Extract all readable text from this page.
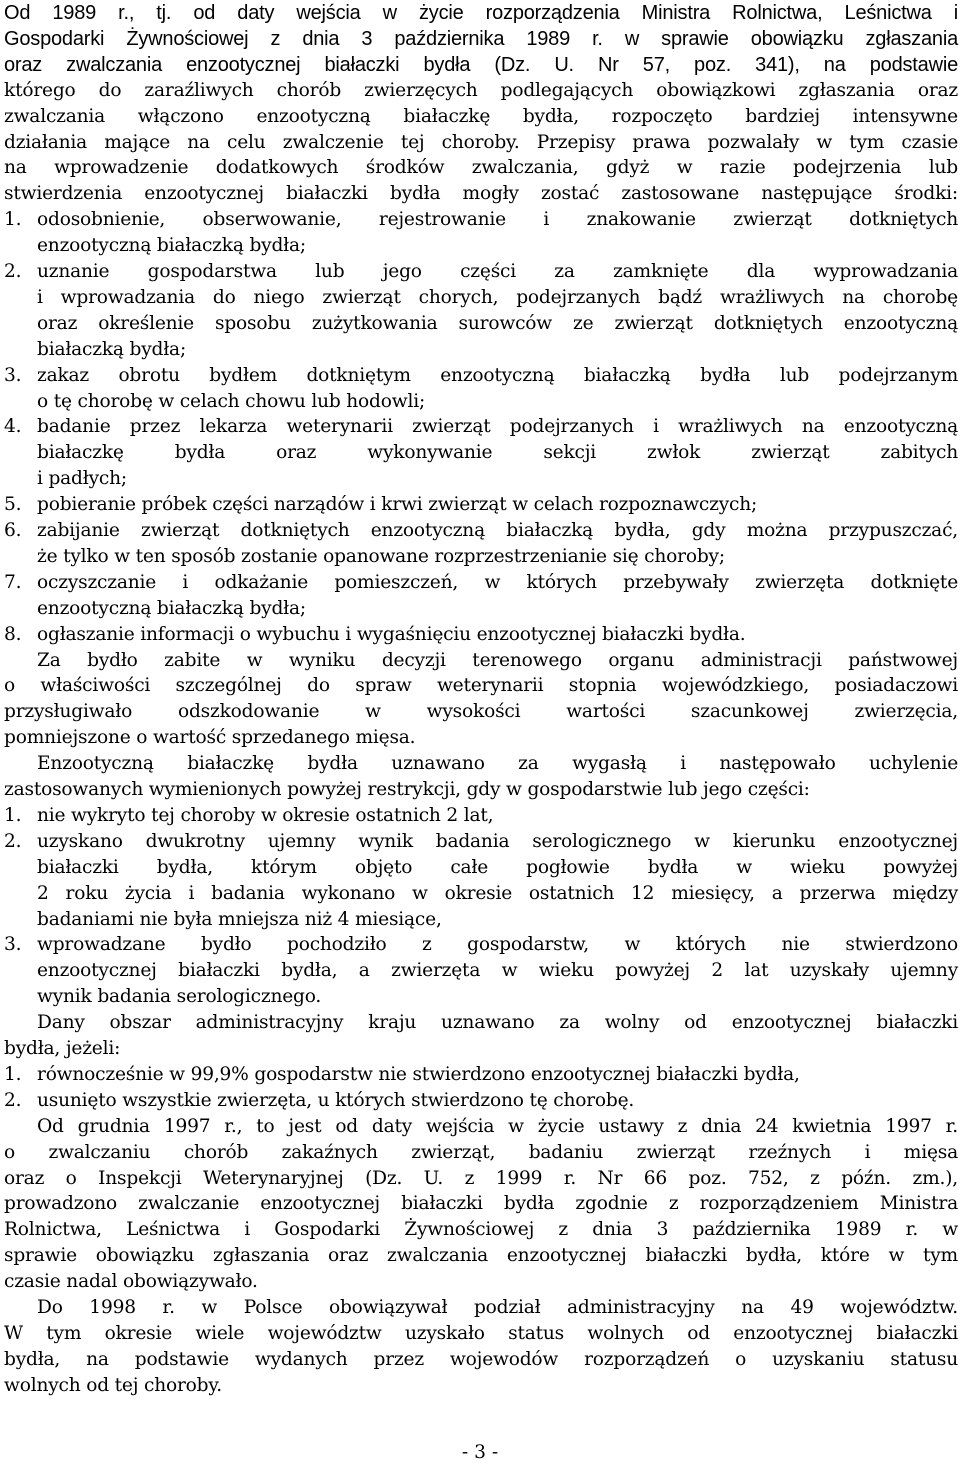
Od 1989 r., tj. od daty wejścia w życie rozporządzenia Ministra Rolnictwa, Leśnictwa i
Gospodarki Żywnościowej z dnia 3 października 1989 r. w sprawie obowiązku zgłaszania
oraz zwalczania enzootycznej białaczki bydła (Dz. U. Nr 57, poz. 341), na podstawie
którego do zaraźliwych chorób zwierzęcych podlegających obowiązkowi zgłaszania oraz
zwalczania włączono enzootyczną białaczkę bydła, rozpoczęto bardziej intensywne
działania mające na celu zwalczenie tej choroby. Przepisy prawa pozwalały w tym czasie
na wprowadzenie dodatkowych środków zwalczania, gdyż w razie podejrzenia lub
stwierdzenia enzootycznej białaczki bydła mogły zostać zastosowane następujące środki:
odosobnienie, obserwowanie, rejestrowanie i znakowanie zwierząt dotkniętych
1.
enzootyczną białaczką bydła;
uznanie gospodarstwa lub jego części za zamknięte dla wyprowadzania
2.
i wprowadzania do niego zwierząt chorych, podejrzanych bądź wrażliwych na chorobę
oraz określenie sposobu zużytkowania surowców ze zwierząt dotkniętych enzootyczną
białaczką bydła;
zakaz obrotu bydłem dotkniętym enzootyczną białaczką bydła lub podejrzanym
3.
o tę chorobę w celach chowu lub hodowli;
badanie przez lekarza weterynarii zwierząt podejrzanych i wrażliwych na enzootyczną
4.
białaczkę bydła oraz wykonywanie sekcji zwłok zwierząt zabitych
i padłych;
pobieranie próbek części narządów i krwi zwierząt w celach rozpoznawczych;
5.
zabijanie zwierząt dotkniętych enzootyczną białaczką bydła, gdy można przypuszczać,
6.
że tylko w ten sposób zostanie opanowane rozprzestrzenianie się choroby;
oczyszczanie i odkażanie pomieszczeń, w których przebywały zwierzęta dotknięte
7.
enzootyczną białaczką bydła;
ogłaszanie informacji o wybuchu i wygaśnięciu enzootycznej białaczki bydła.
8.
Za bydło zabite w wyniku decyzji terenowego organu administracji państwowej
o właściwości szczególnej do spraw weterynarii stopnia wojewódzkiego, posiadaczowi
przysługiwało odszkodowanie w wysokości wartości szacunkowej zwierzęcia,
pomniejszone o wartość sprzedanego mięsa.
Enzootyczną białaczkę bydła uznawano za wygasłą i następowało uchylenie
zastosowanych wymienionych powyżej restrykcji, gdy w gospodarstwie lub jego części:
nie wykryto tej choroby w okresie ostatnich 2 lat,
1.
uzyskano dwukrotny ujemny wynik badania serologicznego w kierunku enzootycznej
2.
białaczki bydła, którym objęto całe pogłowie bydła w wieku powyżej
2 roku życia i badania wykonano w okresie ostatnich 12 miesięcy, a przerwa między
badaniami nie była mniejsza niż 4 miesiące,
wprowadzane bydło pochodziło z gospodarstw, w których nie stwierdzono
3.
enzootycznej białaczki bydła, a zwierzęta w wieku powyżej 2 lat uzyskały ujemny
wynik badania serologicznego.
Dany obszar administracyjny kraju uznawano za wolny od enzootycznej białaczki
bydła, jeżeli:
równocześnie w 99,9% gospodarstw nie stwierdzono enzootycznej białaczki bydła,
1.
usunięto wszystkie zwierzęta, u których stwierdzono tę chorobę.
2.
Od grudnia 1997 r., to jest od daty wejścia w życie ustawy z dnia 24 kwietnia 1997 r.
o zwalczaniu chorób zakaźnych zwierząt, badaniu zwierząt rzeźnych i mięsa
oraz o Inspekcji Weterynaryjnej (Dz. U. z 1999 r. Nr 66 poz. 752, z późn. zm.),
prowadzono zwalczanie enzootycznej białaczki bydła zgodnie z rozporządzeniem Ministra
Rolnictwa, Leśnictwa i Gospodarki Żywnościowej z dnia 3 października 1989 r. w
sprawie obowiązku zgłaszania oraz zwalczania enzootycznej białaczki bydła, które w tym
czasie nadal obowiązywało.
Do 1998 r. w Polsce obowiązywał podział administracyjny na 49 województw.
W tym okresie wiele województw uzyskało status wolnych od enzootycznej białaczki
bydła, na podstawie wydanych przez wojewodów rozporządzeń o uzyskaniu statusu
wolnych od tej choroby.
- 3 -
